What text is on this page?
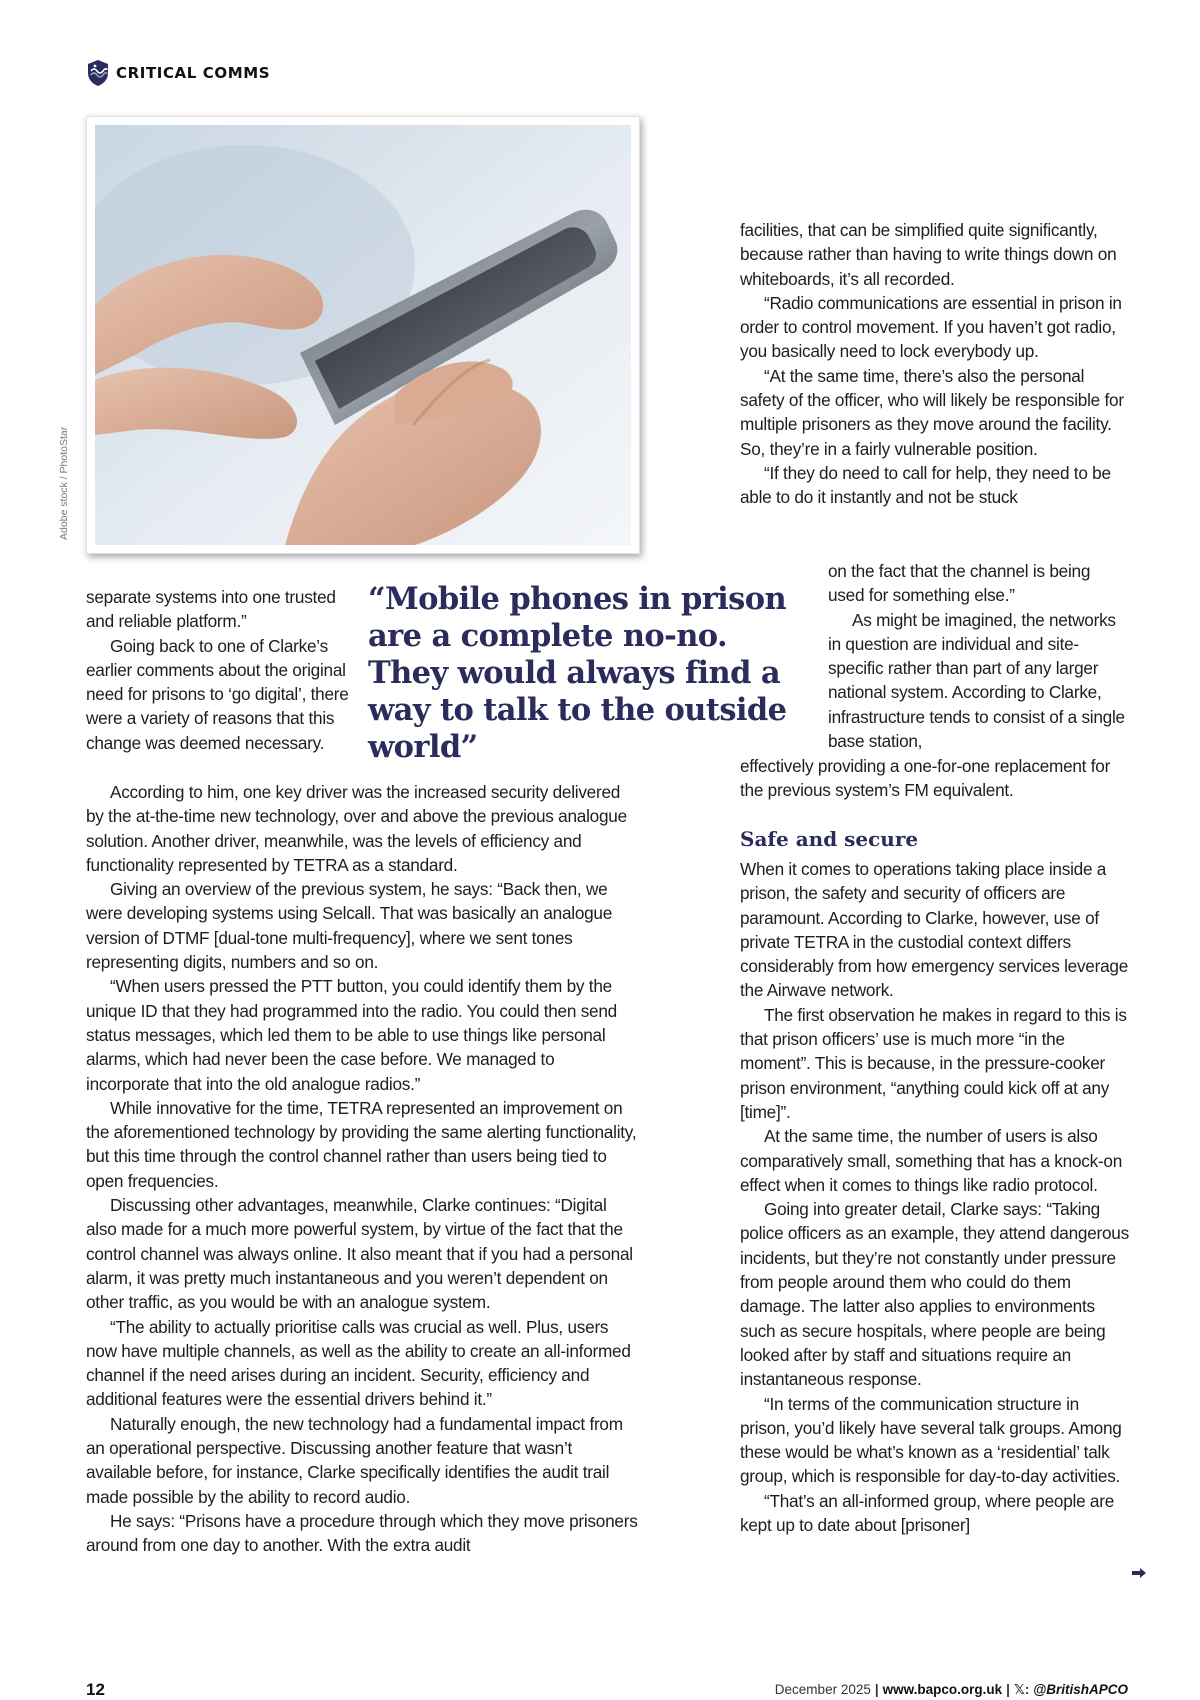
CRITICAL COMMS
Adobe stock / PhotoStar

separate systems into one trusted and reliable platform.”

Going back to one of Clarke’s earlier comments about the original need for prisons to ‘go digital’, there were a variety of reasons that this change was deemed necessary.

“Mobile phones in prison are a complete no-no. They would always find a way to talk to the outside world”

According to him, one key driver was the increased security delivered by the at-the-time new technology, over and above the previous analogue solution. Another driver, meanwhile, was the levels of efficiency and functionality represented by TETRA as a standard.

Giving an overview of the previous system, he says: “Back then, we were developing systems using Selcall. That was basically an analogue version of DTMF [dual-tone multi-frequency], where we sent tones representing digits, numbers and so on.

“When users pressed the PTT button, you could identify them by the unique ID that they had programmed into the radio. You could then send status messages, which led them to be able to use things like personal alarms, which had never been the case before. We managed to incorporate that into the old analogue radios.”

While innovative for the time, TETRA represented an improvement on the aforementioned technology by providing the same alerting functionality, but this time through the control channel rather than users being tied to open frequencies.

Discussing other advantages, meanwhile, Clarke continues: “Digital also made for a much more powerful system, by virtue of the fact that the control channel was always online. It also meant that if you had a personal alarm, it was pretty much instantaneous and you weren’t dependent on other traffic, as you would be with an analogue system.

“The ability to actually prioritise calls was crucial as well. Plus, users now have multiple channels, as well as the ability to create an all-informed channel if the need arises during an incident. Security, efficiency and additional features were the essential drivers behind it.”

Naturally enough, the new technology had a fundamental impact from an operational perspective. Discussing another feature that wasn’t available before, for instance, Clarke specifically identifies the audit trail made possible by the ability to record audio.

He says: “Prisons have a procedure through which they move prisoners around from one day to another. With the extra audit

facilities, that can be simplified quite significantly, because rather than having to write things down on whiteboards, it’s all recorded.

“Radio communications are essential in prison in order to control movement. If you haven’t got radio, you basically need to lock everybody up.

“At the same time, there’s also the personal safety of the officer, who will likely be responsible for multiple prisoners as they move around the facility. So, they’re in a fairly vulnerable position.

“If they do need to call for help, they need to be able to do it instantly and not be stuck

on the fact that the channel is being used for something else.”

As might be imagined, the networks in question are individual and site-specific rather than part of any larger national system. According to Clarke, infrastructure tends to consist of a single base station,

effectively providing a one-for-one replacement for the previous system’s FM equivalent.

Safe and secure

When it comes to operations taking place inside a prison, the safety and security of officers are paramount. According to Clarke, however, use of private TETRA in the custodial context differs considerably from how emergency services leverage the Airwave network.

The first observation he makes in regard to this is that prison officers’ use is much more “in the moment”. This is because, in the pressure-cooker prison environment, “anything could kick off at any [time]”.

At the same time, the number of users is also comparatively small, something that has a knock-on effect when it comes to things like radio protocol.

Going into greater detail, Clarke says: “Taking police officers as an example, they attend dangerous incidents, but they’re not constantly under pressure from people around them who could do them damage. The latter also applies to environments such as secure hospitals, where people are being looked after by staff and situations require an instantaneous response.

“In terms of the communication structure in prison, you’d likely have several talk groups. Among these would be what’s known as a ‘residential’ talk group, which is responsible for day-to-day activities.

“That’s an all-informed group, where people are kept up to date about [prisoner]

12	December 2025 | www.bapco.org.uk | 𝕏: @BritishAPCO
